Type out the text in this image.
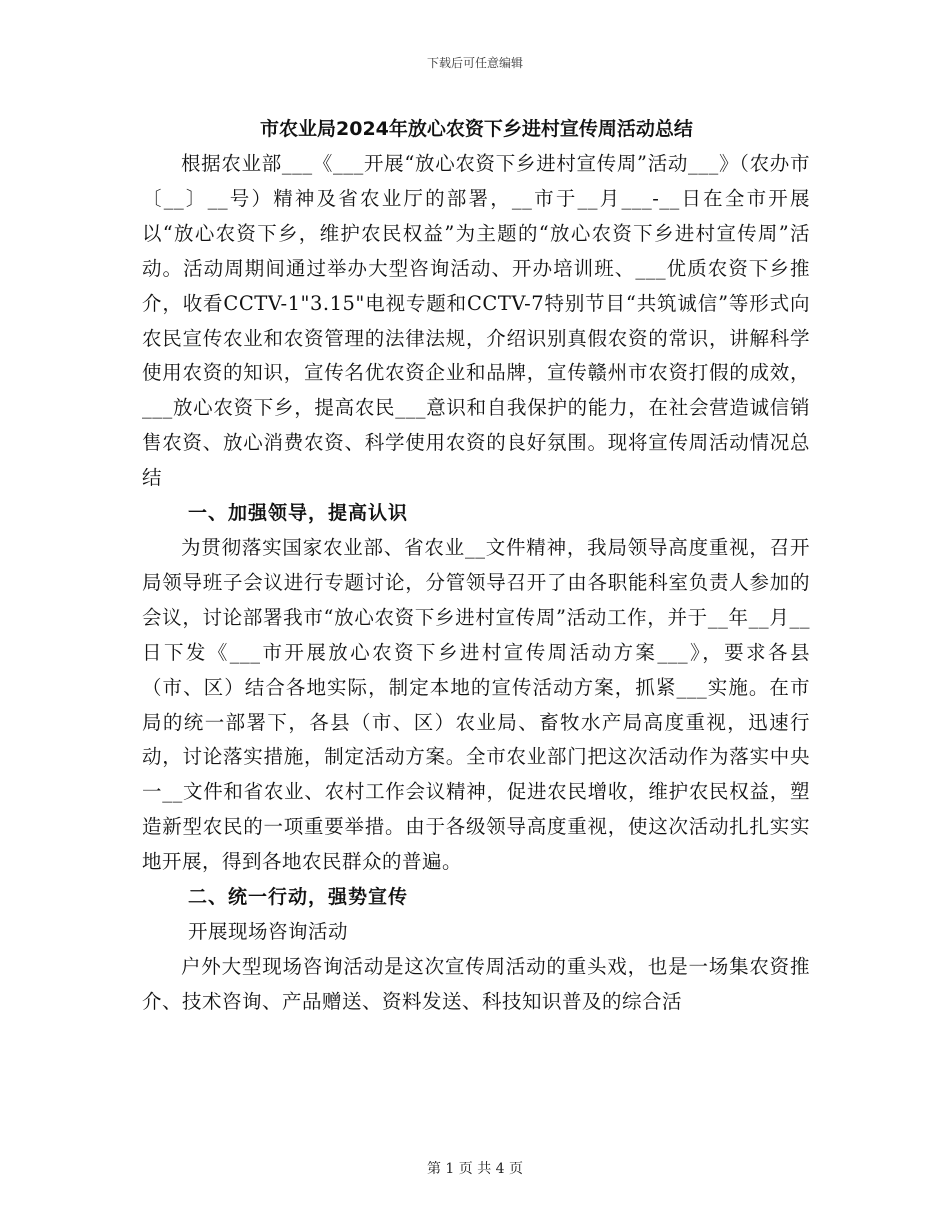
下载后可任意编辑
市农业局2024年放心农资下乡进村宣传周活动总结

根据农业部___《___开展“放心农资下乡进村宣传周”活动___》（农办市〔__〕__号）精神及省农业厅的部署，__市于__月___-__日在全市开展以“放心农资下乡，维护农民权益”为主题的“放心农资下乡进村宣传周”活动。活动周期间通过举办大型咨询活动、开办培训班、___优质农资下乡推介，收看CCTV-1"3.15"电视专题和CCTV-7特别节目“共筑诚信”等形式向农民宣传农业和农资管理的法律法规，介绍识别真假农资的常识，讲解科学使用农资的知识，宣传名优农资企业和品牌，宣传赣州市农资打假的成效，___放心农资下乡，提高农民___意识和自我保护的能力，在社会营造诚信销售农资、放心消费农资、科学使用农资的良好氛围。现将宣传周活动情况总结

一、加强领导，提高认识

为贯彻落实国家农业部、省农业__文件精神，我局领导高度重视，召开局领导班子会议进行专题讨论，分管领导召开了由各职能科室负责人参加的会议，讨论部署我市“放心农资下乡进村宣传周”活动工作，并于__年__月__日下发《___市开展放心农资下乡进村宣传周活动方案___》，要求各县（市、区）结合各地实际，制定本地的宣传活动方案，抓紧___实施。在市局的统一部署下，各县（市、区）农业局、畜牧水产局高度重视，迅速行动，讨论落实措施，制定活动方案。全市农业部门把这次活动作为落实中央一__文件和省农业、农村工作会议精神，促进农民增收，维护农民权益，塑造新型农民的一项重要举措。由于各级领导高度重视，使这次活动扎扎实实地开展，得到各地农民群众的普遍。

二、统一行动，强势宣传
开展现场咨询活动

户外大型现场咨询活动是这次宣传周活动的重头戏，也是一场集农资推介、技术咨询、产品赠送、资料发送、科技知识普及的综合活

第 1 页 共 4 页
